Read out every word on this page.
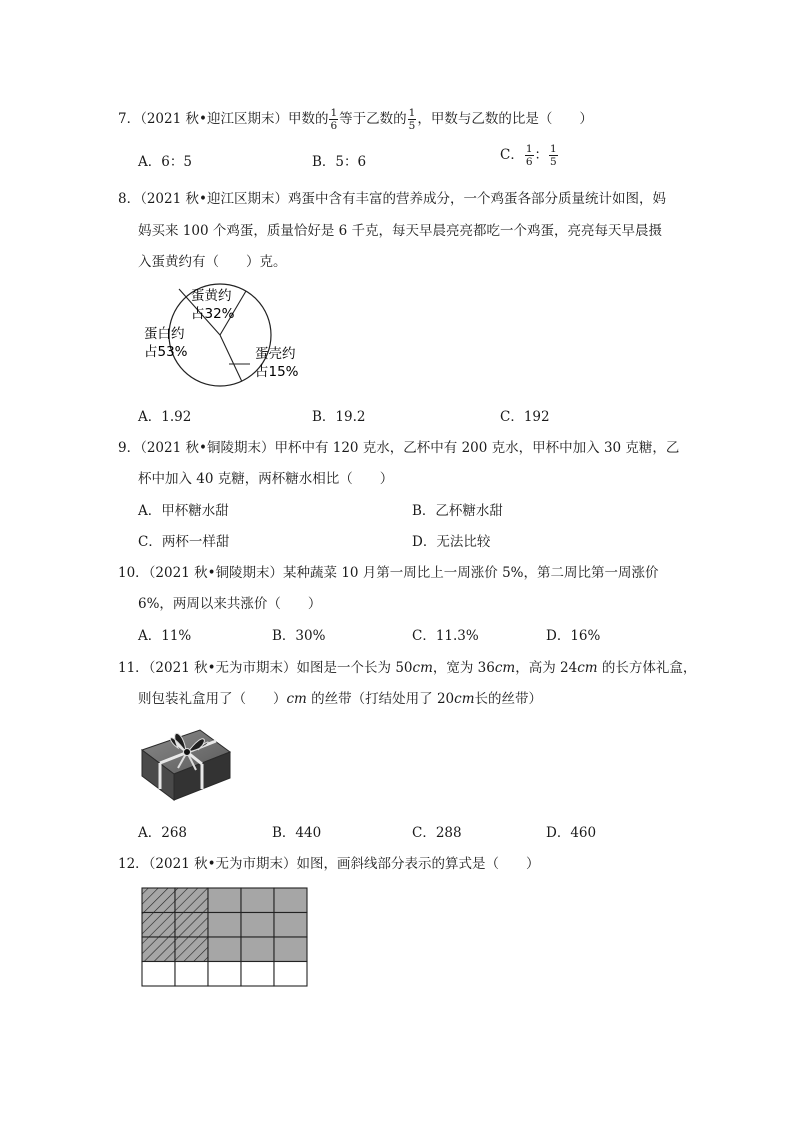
7．（2021 秋•迎江区期末）甲数的 $\frac{1}{6}$ 等于乙数的 $\frac{1}{5}$ ，甲数与乙数的比是（　　）
A．6：5	B．5：6	C． $\frac{1}{6}$ ： $\frac{1}{5}$
8．（2021 秋•迎江区期末）鸡蛋中含有丰富的营养成分，一个鸡蛋各部分质量统计如图，妈
妈买来 100 个鸡蛋，质量恰好是 6 千克，每天早晨亮亮都吃一个鸡蛋，亮亮每天早晨摄
入蛋黄约有（　　）克。
蛋黄约
占32%
蛋白约
占53%	蛋壳约
占15%
A．1.92	B．19.2	C．192
9．（2021 秋•铜陵期末）甲杯中有 120 克水，乙杯中有 200 克水，甲杯中加入 30 克糖，乙
杯中加入 40 克糖，两杯糖水相比（　　）
A．甲杯糖水甜	B．乙杯糖水甜
C．两杯一样甜	D．无法比较
10．（2021 秋•铜陵期末）某种蔬菜 10 月第一周比上一周涨价 5%，第二周比第一周涨价
6%，两周以来共涨价（　　）
A．11%	B．30%	C．11.3%	D．16%
11．（2021 秋•无为市期末）如图是一个长为 50cm，宽为 36cm，高为 24cm 的长方体礼盒，
则包装礼盒用了（　　）cm 的丝带（打结处用了 20cm长的丝带）
A．268	B．440	C．288	D．460
12．（2021 秋•无为市期末）如图，画斜线部分表示的算式是（　　）
